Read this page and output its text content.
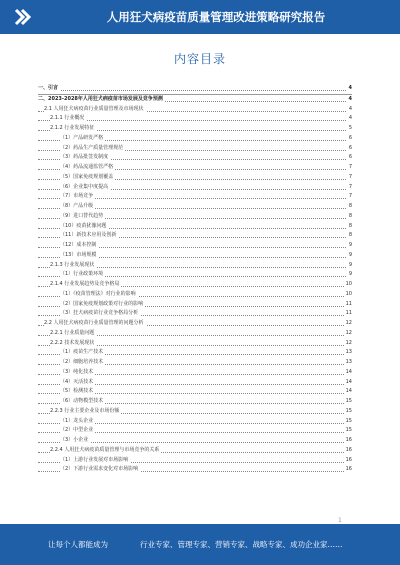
人用狂犬病疫苗质量管理改进策略研究报告
内容目录
一、引言	4
二、2023-2028年人用狂犬病疫苗市场发展及竞争预测	4
2.1 人用狂犬病疫苗行业质量管理及市场现状	4
2.1.1 行业概况	4
2.1.2 行业发展特征	5
（1）产品研发严格	6
（2）药品生产质量管理规范	6
（3）药品批签发制度	6
（4）药品流通监管严格	7
（5）国家免疫规划覆盖	7
（6）企业集中度提高	7
（7）市场竞争	7
（8）产品升级	8
（9）进口替代趋势	8
（10）疫苗犹豫问题	8
（11）新技术应用及创新	8
（12）成本控制	9
（13）市场规模	9
2.1.3 行业发展现状	9
（1）行业政策环境	9
2.1.4 行业发展趋势及竞争格局	10
（1）《疫苗管理法》对行业的影响	10
（2）国家免疫规划政策对行业的影响	11
（3）狂犬病疫苗行业竞争格局分析	11
2.2 人用狂犬病疫苗行业质量管理的问题分析	12
2.2.1 行业质量问题	12
2.2.2 技术发展现状	12
（1）疫苗生产技术	13
（2）细胞培养技术	13
（3）纯化技术	14
（4）灭活技术	14
（5）检测技术	14
（6）动物模型技术	15
2.2.3 行业主要企业及市场份额	15
（1）龙头企业	15
（2）中型企业	15
（3）小企业	16
2.2.4 人用狂犬病疫苗质量管理与市场竞争的关系	16
（1）上游行业发展对市场影响	16
（2）下游行业需求变化对市场影响	16
1
让每个人都能成为	行业专家、管理专家、营销专家、战略专家、成功企业家……
